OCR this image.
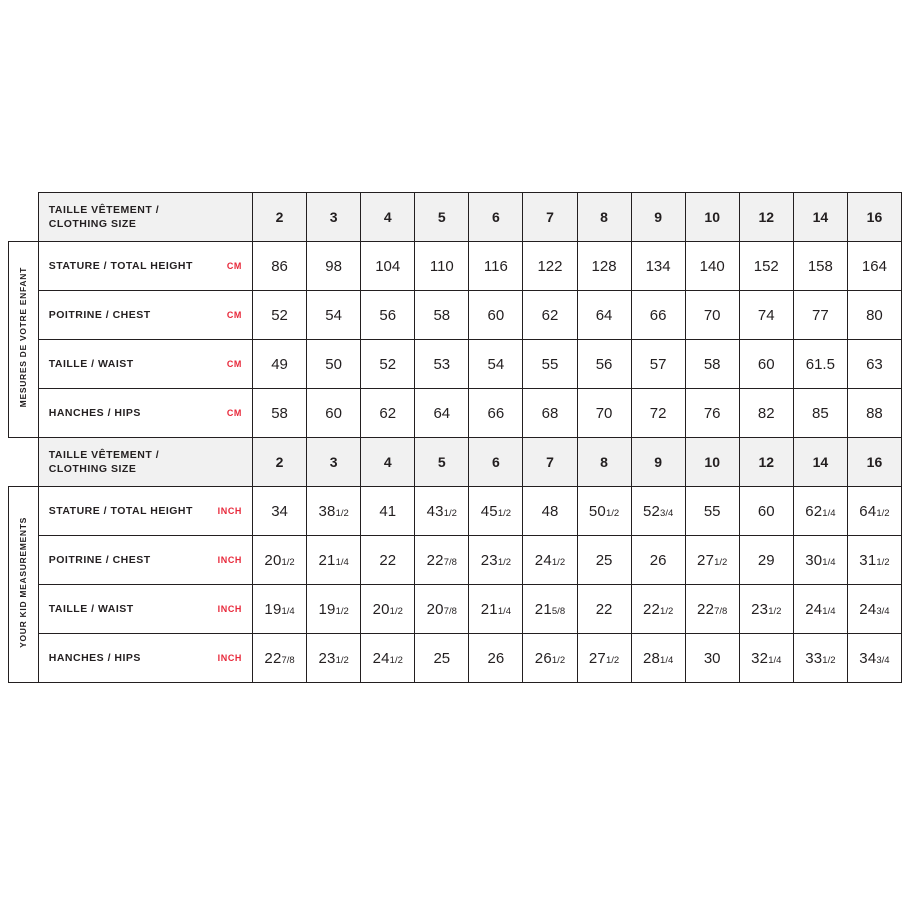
	TAILLE VÊTEMENT /
CLOTHING SIZE	2	3	4	5	6	7	8	9	10	12	14	16
MESURES DE VOTRE ENFANT	STATURE / TOTAL HEIGHT CM	86	98	104	110	116	122	128	134	140	152	158	164

	POITRINE / CHEST CM	52	54	56	58	60	62	64	66	70	74	77	80

	TAILLE / WAIST CM	49	50	52	53	54	55	56	57	58	60	61.5	63

	HANCHES / HIPS CM	58	60	62	64	66	68	70	72	76	82	85	88

	TAILLE VÊTEMENT /
CLOTHING SIZE	2	3	4	5	6	7	8	9	10	12	14	16
YOUR KID MEASUREMENTS	STATURE / TOTAL HEIGHT INCH	34	381/2	41	431/2	451/2	48	501/2	523/4	55	60	621/4	641/2

	POITRINE / CHEST INCH	201/2	211/4	22	227/8	231/2	241/2	25	26	271/2	29	301/4	311/2

	TAILLE / WAIST INCH	191/4	191/2	201/2	207/8	211/4	215/8	22	221/2	227/8	231/2	241/4	243/4

	HANCHES / HIPS INCH	227/8	231/2	241/2	25	26	261/2	271/2	281/4	30	321/4	331/2	343/4
